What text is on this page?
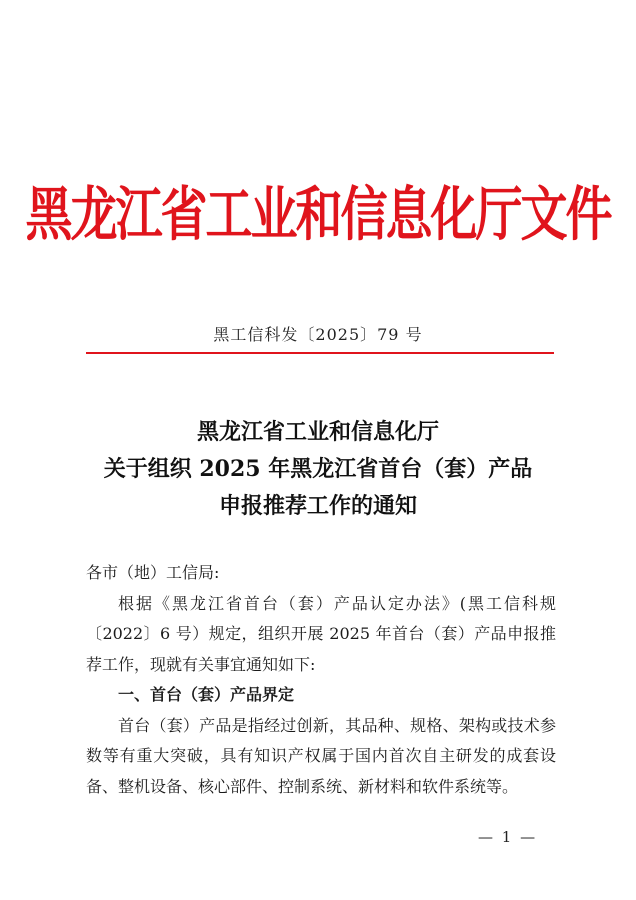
黑龙江省工业和信息化厅文件
黑工信科发〔2025〕79 号
黑龙江省工业和信息化厅
关于组织 2025 年黑龙江省首台（套）产品
申报推荐工作的通知

各市（地）工信局:

根据《黑龙江省首台（套）产品认定办法》(黑工信科规〔2022〕6 号）规定，组织开展 2025 年首台（套）产品申报推荐工作，现就有关事宜通知如下:

一、首台（套）产品界定

首台（套）产品是指经过创新，其品种、规格、架构或技术参数等有重大突破，具有知识产权属于国内首次自主研发的成套设备、整机设备、核心部件、控制系统、新材料和软件系统等。

— 1 —
